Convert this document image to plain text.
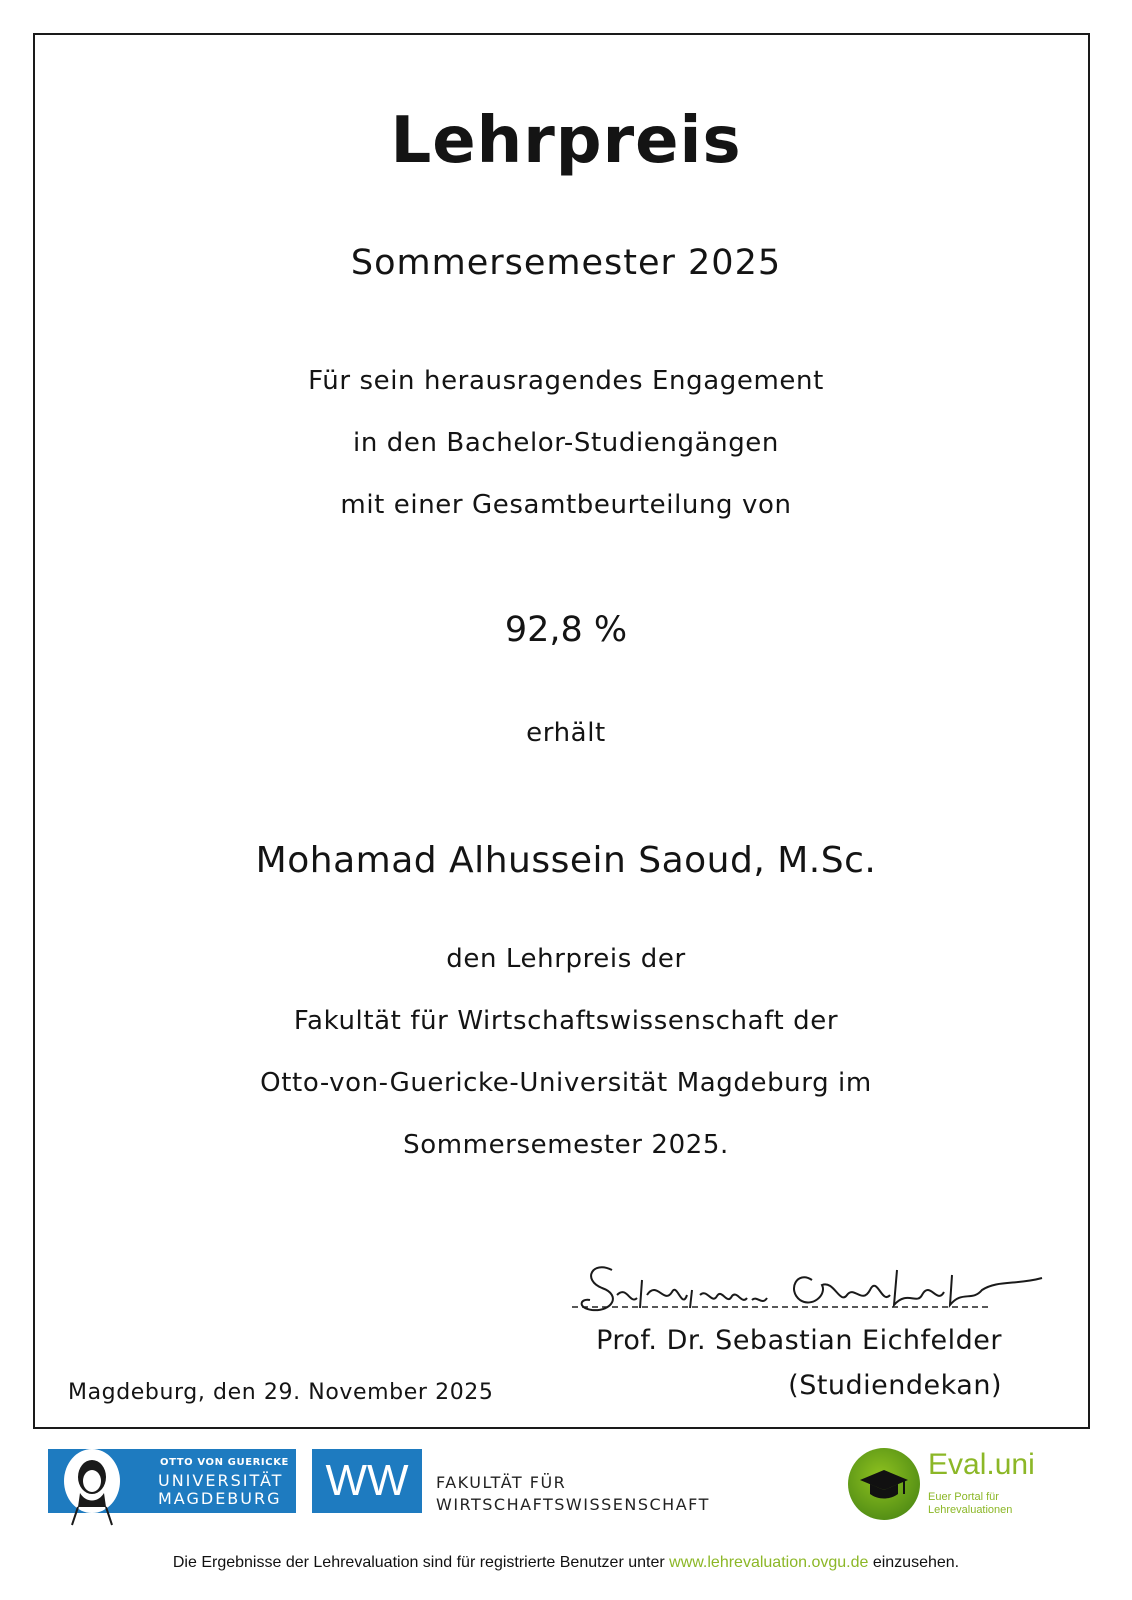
Lehrpreis
Sommersemester 2025
Für sein herausragendes Engagement
in den Bachelor-Studiengängen
mit einer Gesamtbeurteilung von
92,8 %
erhält
Mohamad Alhussein Saoud, M.Sc.
den Lehrpreis der
Fakultät für Wirtschaftswissenschaft der
Otto-von-Guericke-Universität Magdeburg im
Sommersemester 2025.
Prof. Dr. Sebastian Eichfelder
(Studiendekan)
Magdeburg, den 29. November 2025
OTTO VON GUERICKE
UNIVERSITÄT
MAGDEBURG WW	FAKULTÄT FÜR
WIRTSCHAFTSWISSENSCHAFT
Eval.uni
Euer Portal für
Lehrevaluationen
Die Ergebnisse der Lehrevaluation sind für registrierte Benutzer unter www.lehrevaluation.ovgu.de einzusehen.
